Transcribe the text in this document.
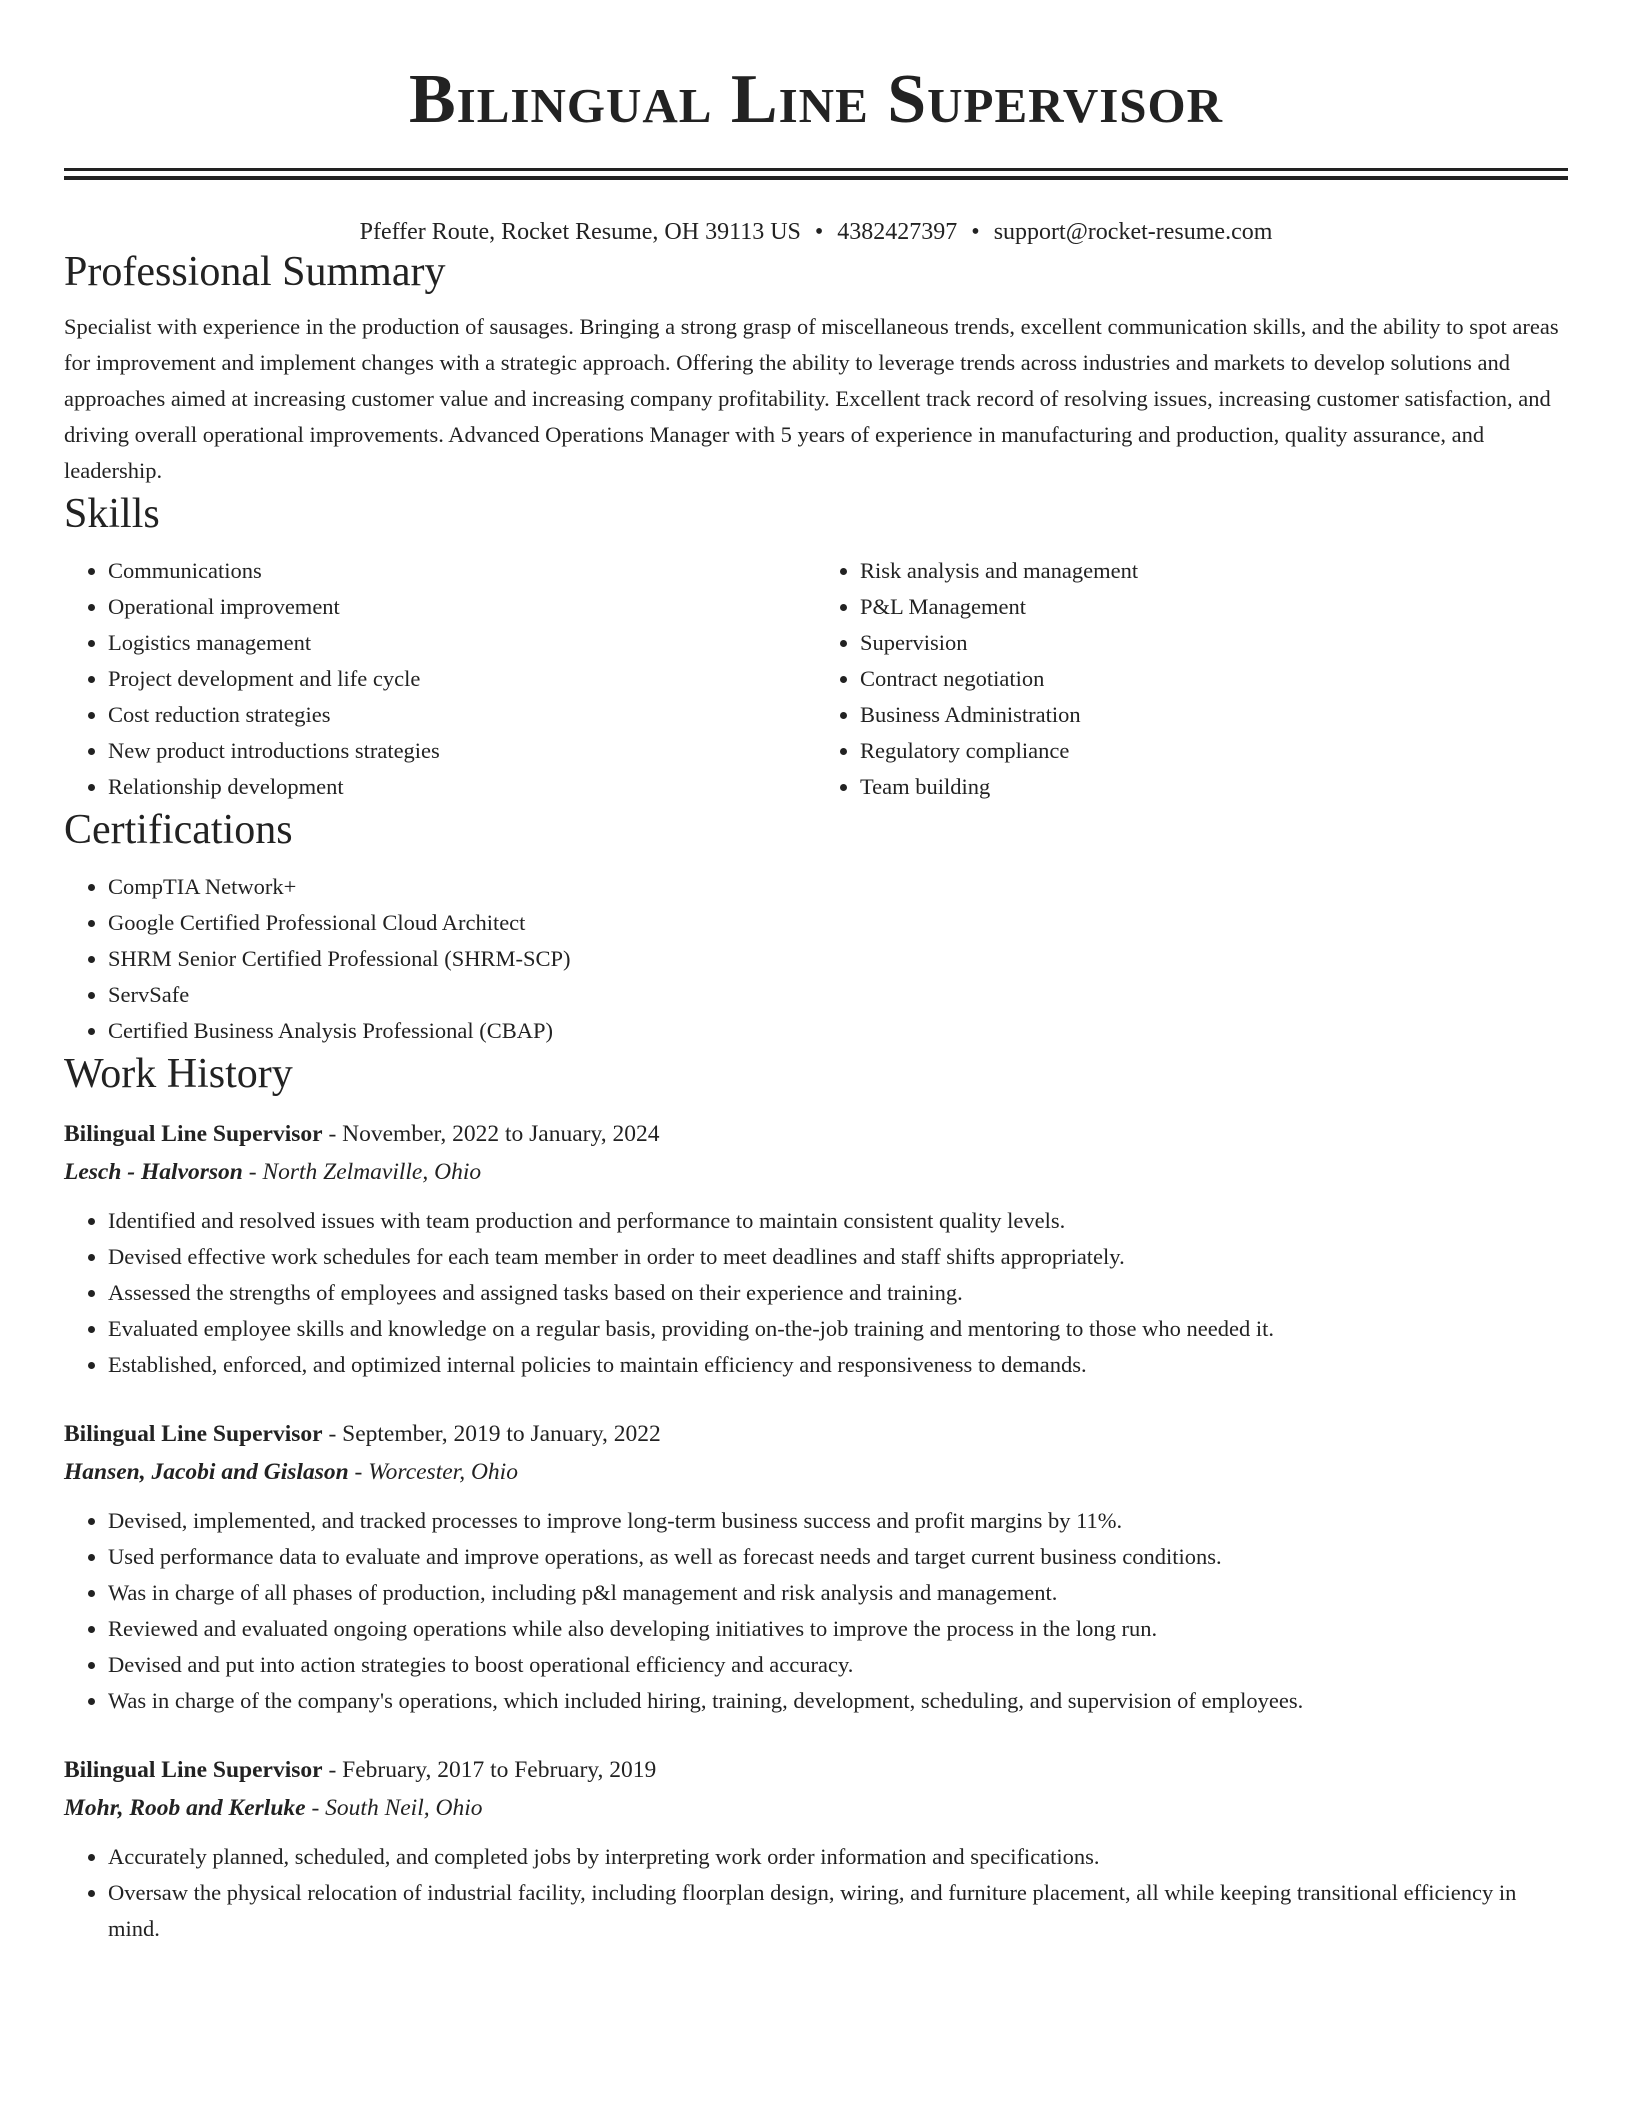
Bilingual Line Supervisor
Pfeffer Route, Rocket Resume, OH 39113 US • 4382427397 • support@rocket-resume.com
Professional Summary
Specialist with experience in the production of sausages. Bringing a strong grasp of miscellaneous trends, excellent communication skills, and the ability to spot areas for improvement and implement changes with a strategic approach. Offering the ability to leverage trends across industries and markets to develop solutions and approaches aimed at increasing customer value and increasing company profitability. Excellent track record of resolving issues, increasing customer satisfaction, and driving overall operational improvements. Advanced Operations Manager with 5 years of experience in manufacturing and production, quality assurance, and leadership.
Skills
• Communications
• Operational improvement
• Logistics management
• Project development and life cycle
• Cost reduction strategies
• New product introductions strategies
• Relationship development
• Risk analysis and management
• P&L Management
• Supervision
• Contract negotiation
• Business Administration
• Regulatory compliance
• Team building
Certifications
• CompTIA Network+
• Google Certified Professional Cloud Architect
• SHRM Senior Certified Professional (SHRM-SCP)
• ServSafe
• Certified Business Analysis Professional (CBAP)
Work History
Bilingual Line Supervisor - November, 2022 to January, 2024
Lesch - Halvorson - North Zelmaville, Ohio
• Identified and resolved issues with team production and performance to maintain consistent quality levels.
• Devised effective work schedules for each team member in order to meet deadlines and staff shifts appropriately.
• Assessed the strengths of employees and assigned tasks based on their experience and training.
• Evaluated employee skills and knowledge on a regular basis, providing on-the-job training and mentoring to those who needed it.
• Established, enforced, and optimized internal policies to maintain efficiency and responsiveness to demands.
Bilingual Line Supervisor - September, 2019 to January, 2022
Hansen, Jacobi and Gislason - Worcester, Ohio
• Devised, implemented, and tracked processes to improve long-term business success and profit margins by 11%.
• Used performance data to evaluate and improve operations, as well as forecast needs and target current business conditions.
• Was in charge of all phases of production, including p&l management and risk analysis and management.
• Reviewed and evaluated ongoing operations while also developing initiatives to improve the process in the long run.
• Devised and put into action strategies to boost operational efficiency and accuracy.
• Was in charge of the company's operations, which included hiring, training, development, scheduling, and supervision of employees.
Bilingual Line Supervisor - February, 2017 to February, 2019
Mohr, Roob and Kerluke - South Neil, Ohio
• Accurately planned, scheduled, and completed jobs by interpreting work order information and specifications.
• Oversaw the physical relocation of industrial facility, including floorplan design, wiring, and furniture placement, all while keeping transitional efficiency in mind.
